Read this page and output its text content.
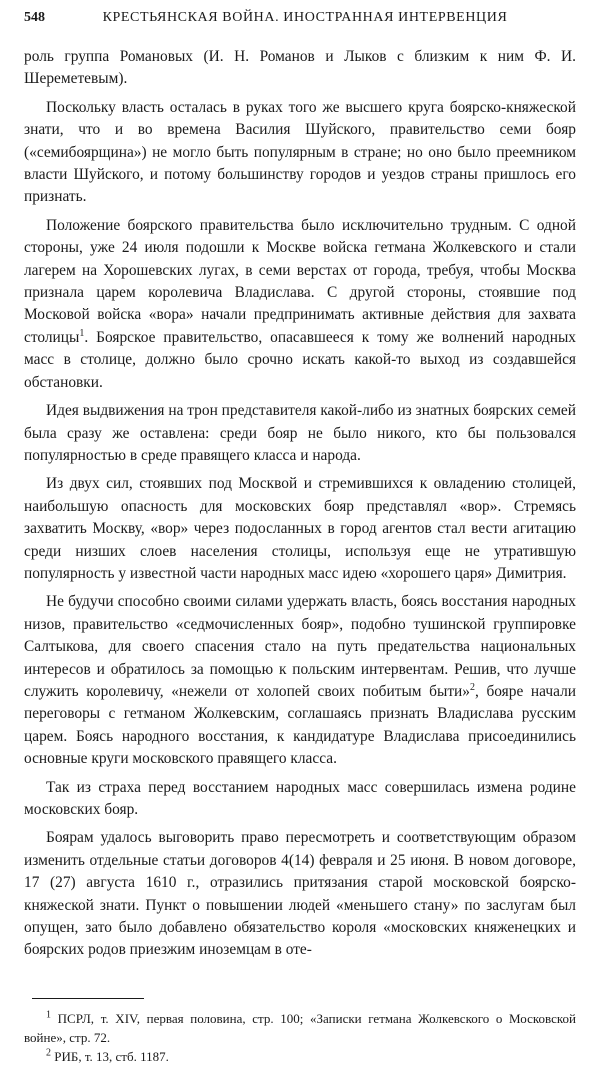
548	КРЕСТЬЯНСКАЯ ВОЙНА. ИНОСТРАННАЯ ИНТЕРВЕНЦИЯ

роль группа Романовых (И. Н. Романов и Лыков с близким к ним Ф. И. Шереметевым).

Поскольку власть осталась в руках того же высшего круга боярско-княжеской знати, что и во времена Василия Шуйского, правительство семи бояр («семибоярщина») не могло быть популярным в стране; но оно было преемником власти Шуйского, и потому большинству городов и уездов страны пришлось его признать.

Положение боярского правительства было исключительно трудным. С одной стороны, уже 24 июля подошли к Москве войска гетмана Жолкевского и стали лагерем на Хорошевских лугах, в семи верстах от города, требуя, чтобы Москва признала царем королевича Владислава. С другой стороны, стоявшие под Московой войска «вора» начали предпринимать активные действия для захвата столицы$^1$. Боярское правительство, опасавшееся к тому же волнений народных масс в столице, должно было срочно искать какой-то выход из создавшейся обстановки.

Идея выдвижения на трон представителя какой-либо из знатных боярских семей была сразу же оставлена: среди бояр не было никого, кто бы пользовался популярностью в среде правящего класса и народа.

Из двух сил, стоявших под Москвой и стремившихся к овладению столицей, наибольшую опасность для московских бояр представлял «вор». Стремясь захватить Москву, «вор» через подосланных в город агентов стал вести агитацию среди низших слоев населения столицы, используя еще не утратившую популярность у известной части народных масс идею «хорошего царя» Димитрия.

Не будучи способно своими силами удержать власть, боясь восстания народных низов, правительство «седмочисленных бояр», подобно тушинской группировке Салтыкова, для своего спасения стало на путь предательства национальных интересов и обратилось за помощью к польским интервентам. Решив, что лучше служить королевичу, «нежели от холопей своих побитым быти»$^2$, бояре начали переговоры с гетманом Жолкевским, соглашаясь признать Владислава русским царем. Боясь народного восстания, к кандидатуре Владислава присоединились основные круги московского правящего класса.

Так из страха перед восстанием народных масс совершилась измена родине московских бояр.

Боярам удалось выговорить право пересмотреть и соответствующим образом изменить отдельные статьи договоров 4(14) февраля и 25 июня. В новом договоре, 17 (27) августа 1610 г., отразились притязания старой московской боярско-княжеской знати. Пункт о повышении людей «меньшего стану» по заслугам был опущен, зато было добавлено обязательство короля «московских княженецких и боярских родов приезжим иноземцам в оте-

$^1$ ПСРЛ, т. XIV, первая половина, стр. 100; «Записки гетмана Жолкевского о Московской войне», стр. 72.

$^2$ РИБ, т. 13, стб. 1187.
